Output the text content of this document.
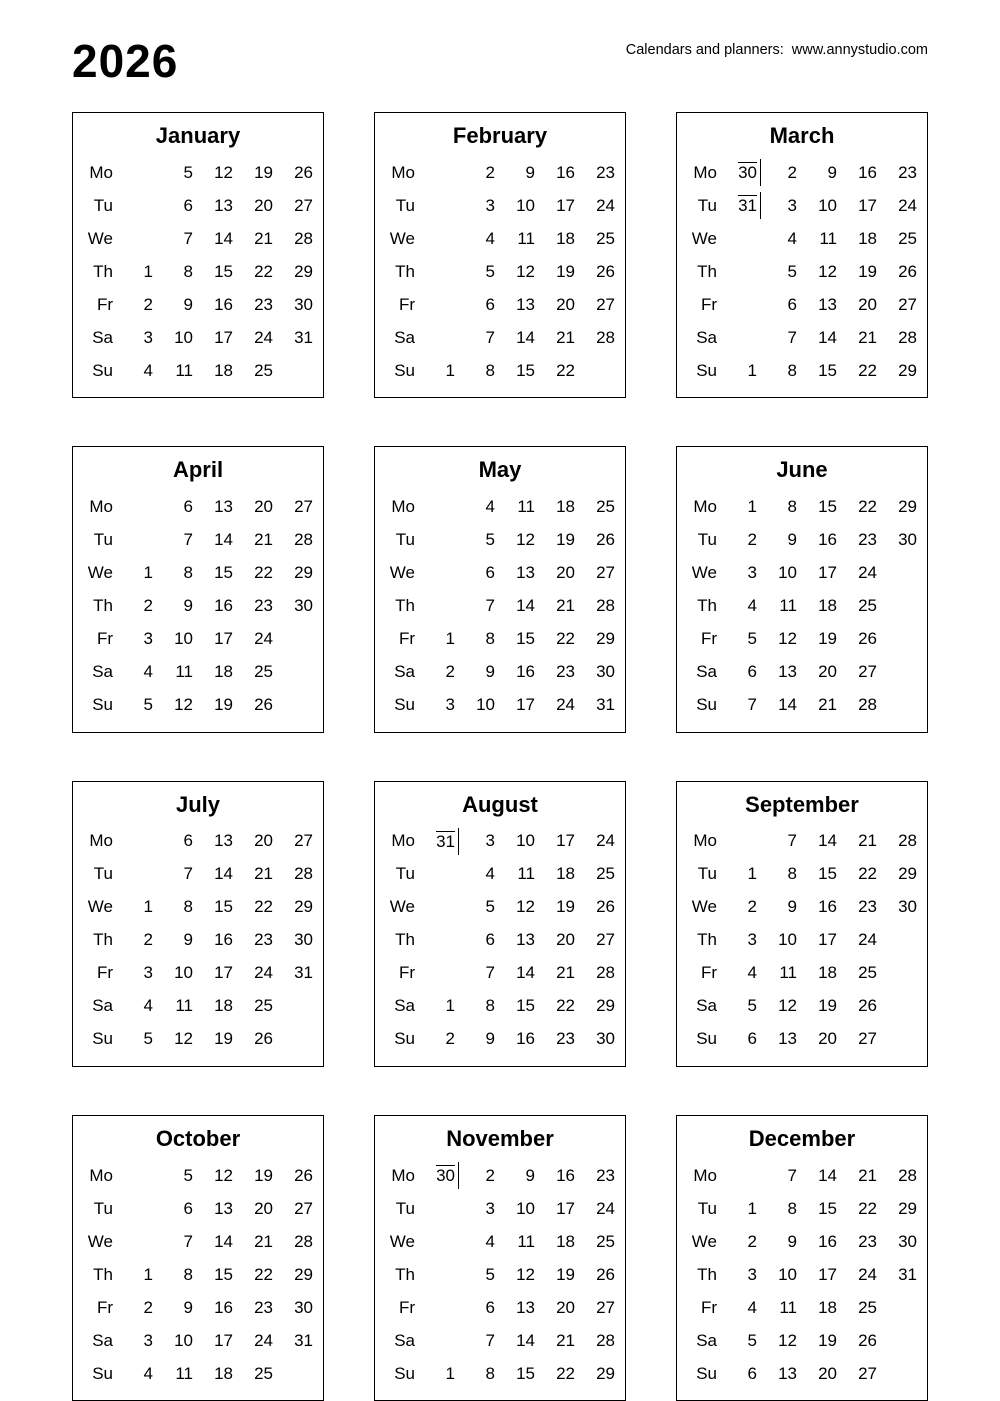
2026	Calendars and planners:  www.annystudio.com
January
Mo		5	12	19	26
Tu		6	13	20	27
We		7	14	21	28
Th	1	8	15	22	29
Fr	2	9	16	23	30
Sa	3	10	17	24	31
Su	4	11	18	25	
February
Mo		2	9	16	23
Tu		3	10	17	24
We		4	11	18	25
Th		5	12	19	26
Fr		6	13	20	27
Sa		7	14	21	28
Su	1	8	15	22	
March
Mo	30	2	9	16	23
Tu	31	3	10	17	24
We		4	11	18	25
Th		5	12	19	26
Fr		6	13	20	27
Sa		7	14	21	28
Su	1	8	15	22	29
April
Mo		6	13	20	27
Tu		7	14	21	28
We	1	8	15	22	29
Th	2	9	16	23	30
Fr	3	10	17	24	
Sa	4	11	18	25	
Su	5	12	19	26	
May
Mo		4	11	18	25
Tu		5	12	19	26
We		6	13	20	27
Th		7	14	21	28
Fr	1	8	15	22	29
Sa	2	9	16	23	30
Su	3	10	17	24	31
June
Mo	1	8	15	22	29
Tu	2	9	16	23	30
We	3	10	17	24	
Th	4	11	18	25	
Fr	5	12	19	26	
Sa	6	13	20	27	
Su	7	14	21	28	
July
Mo		6	13	20	27
Tu		7	14	21	28
We	1	8	15	22	29
Th	2	9	16	23	30
Fr	3	10	17	24	31
Sa	4	11	18	25	
Su	5	12	19	26	
August
Mo	31	3	10	17	24
Tu		4	11	18	25
We		5	12	19	26
Th		6	13	20	27
Fr		7	14	21	28
Sa	1	8	15	22	29
Su	2	9	16	23	30
September
Mo		7	14	21	28
Tu	1	8	15	22	29
We	2	9	16	23	30
Th	3	10	17	24	
Fr	4	11	18	25	
Sa	5	12	19	26	
Su	6	13	20	27	
October
Mo		5	12	19	26
Tu		6	13	20	27
We		7	14	21	28
Th	1	8	15	22	29
Fr	2	9	16	23	30
Sa	3	10	17	24	31
Su	4	11	18	25	
November
Mo	30	2	9	16	23
Tu		3	10	17	24
We		4	11	18	25
Th		5	12	19	26
Fr		6	13	20	27
Sa		7	14	21	28
Su	1	8	15	22	29
December
Mo		7	14	21	28
Tu	1	8	15	22	29
We	2	9	16	23	30
Th	3	10	17	24	31
Fr	4	11	18	25	
Sa	5	12	19	26	
Su	6	13	20	27	
